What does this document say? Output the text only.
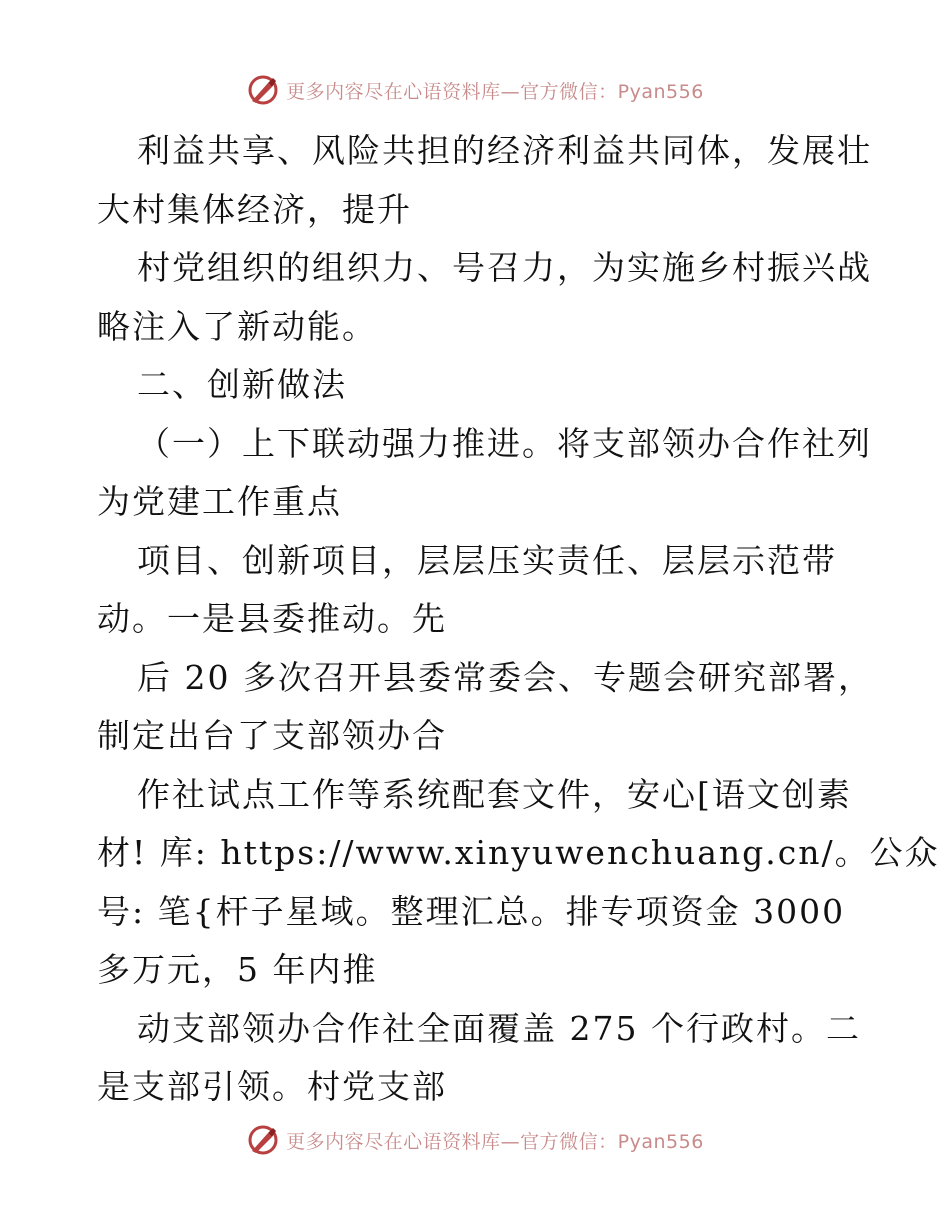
更多内容尽在心语资料库—官方微信：Pyan556
利益共享、风险共担的经济利益共同体，发展壮
大村集体经济，提升
村党组织的组织力、号召力，为实施乡村振兴战
略注入了新动能。
二、创新做法
（一）上下联动强力推进。将支部领办合作社列
为党建工作重点
项目、创新项目，层层压实责任、层层示范带
动。一是县委推动。先
后 20 多次召开县委常委会、专题会研究部署，
制定出台了支部领办合
作社试点工作等系统配套文件，安心[语文创素
材! 库: https://www.xinyuwenchuang.cn/。公众
号: 笔{杆子星域。整理汇总。排专项资金 3000
多万元，5 年内推
动支部领办合作社全面覆盖 275 个行政村。二
是支部引领。村党支部
更多内容尽在心语资料库—官方微信：Pyan556
